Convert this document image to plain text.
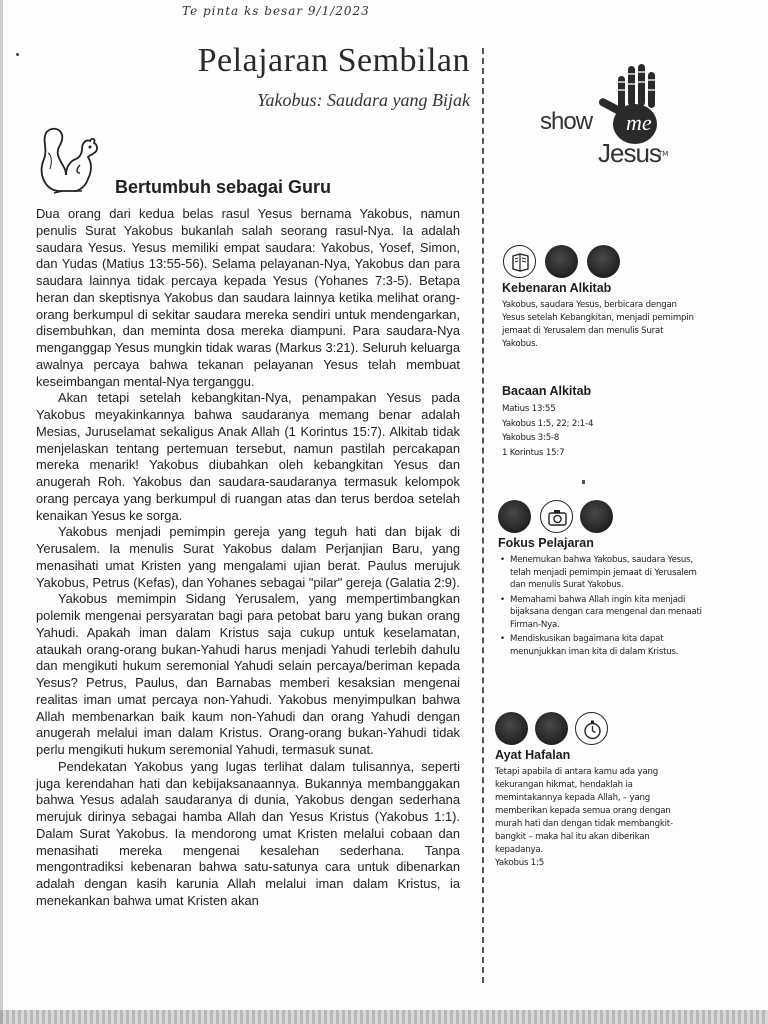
Te pinta ks besar 9/1/2023
Pelajaran Sembilan
Yakobus: Saudara yang Bijak
Bertumbuh sebagai Guru

Dua orang dari kedua belas rasul Yesus bernama Yakobus, namun penulis Surat Yakobus bukanlah salah seorang rasul-Nya. Ia adalah saudara Yesus. Yesus memiliki empat saudara: Yakobus, Yosef, Simon, dan Yudas (Matius 13:55-56). Selama pelayanan-Nya, Yakobus dan para saudara lainnya tidak percaya kepada Yesus (Yohanes 7:3-5). Betapa heran dan skeptisnya Yakobus dan saudara lainnya ketika melihat orang-orang berkumpul di sekitar saudara mereka sendiri untuk mendengarkan, disembuhkan, dan meminta dosa mereka diampuni. Para saudara-Nya menganggap Yesus mungkin tidak waras (Markus 3:21). Seluruh keluarga awalnya percaya bahwa tekanan pelayanan Yesus telah membuat keseimbangan mental-Nya terganggu.

Akan tetapi setelah kebangkitan-Nya, penampakan Yesus pada Yakobus meyakinkannya bahwa saudaranya memang benar adalah Mesias, Juruselamat sekaligus Anak Allah (1 Korintus 15:7). Alkitab tidak menjelaskan tentang pertemuan tersebut, namun pastilah percakapan mereka menarik! Yakobus diubahkan oleh kebangkitan Yesus dan anugerah Roh. Yakobus dan saudara-saudaranya termasuk kelompok orang percaya yang berkumpul di ruangan atas dan terus berdoa setelah kenaikan Yesus ke sorga.

Yakobus menjadi pemimpin gereja yang teguh hati dan bijak di Yerusalem. Ia menulis Surat Yakobus dalam Perjanjian Baru, yang menasihati umat Kristen yang mengalami ujian berat. Paulus merujuk Yakobus, Petrus (Kefas), dan Yohanes sebagai "pilar" gereja (Galatia 2:9).

Yakobus memimpin Sidang Yerusalem, yang mempertimbangkan polemik mengenai persyaratan bagi para petobat baru yang bukan orang Yahudi. Apakah iman dalam Kristus saja cukup untuk keselamatan, ataukah orang-orang bukan-Yahudi harus menjadi Yahudi terlebih dahulu dan mengikuti hukum seremonial Yahudi selain percaya/beriman kepada Yesus? Petrus, Paulus, dan Barnabas memberi kesaksian mengenai realitas iman umat percaya non-Yahudi. Yakobus menyimpulkan bahwa Allah membenarkan baik kaum non-Yahudi dan orang Yahudi dengan anugerah melalui iman dalam Kristus. Orang-orang bukan-Yahudi tidak perlu mengikuti hukum seremonial Yahudi, termasuk sunat.

Pendekatan Yakobus yang lugas terlihat dalam tulisannya, seperti juga kerendahan hati dan kebijaksanaannya. Bukannya membanggakan bahwa Yesus adalah saudaranya di dunia, Yakobus dengan sederhana merujuk dirinya sebagai hamba Allah dan Yesus Kristus (Yakobus 1:1). Dalam Surat Yakobus. Ia mendorong umat Kristen melalui cobaan dan menasihati mereka mengenai kesalehan sederhana. Tanpa mengontradiksi kebenaran bahwa satu-satunya cara untuk dibenarkan adalah dengan kasih karunia Allah melalui iman dalam Kristus, ia menekankan bahwa umat Kristen akan

show me
Jesus
TM
Kebenaran Alkitab
Yakobus, saudara Yesus, berbicara dengan Yesus setelah Kebangkitan, menjadi pemimpin jemaat di Yerusalem dan menulis Surat Yakobus.
Bacaan Alkitab
Matius 13:55
Yakobus 1:5, 22; 2:1-4
Yakobus 3:5-8
1 Korintus 15:7
Fokus Pelajaran
• Menemukan bahwa Yakobus, saudara Yesus, telah menjadi pemimpin jemaat di Yerusalem dan menulis Surat Yakobus.
• Memahami bahwa Allah ingin kita menjadi bijaksana dengan cara mengenal dan menaati Firman-Nya.
• Mendiskusikan bagaimana kita dapat menunjukkan iman kita di dalam Kristus.
Ayat Hafalan
Tetapi apabila di antara kamu ada yang kekurangan hikmat, hendaklah ia memintakannya kepada Allah, – yang memberikan kepada semua orang dengan murah hati dan dengan tidak membangkit-bangkit – maka hal itu akan diberikan kepadanya.
Yakobus 1:5
